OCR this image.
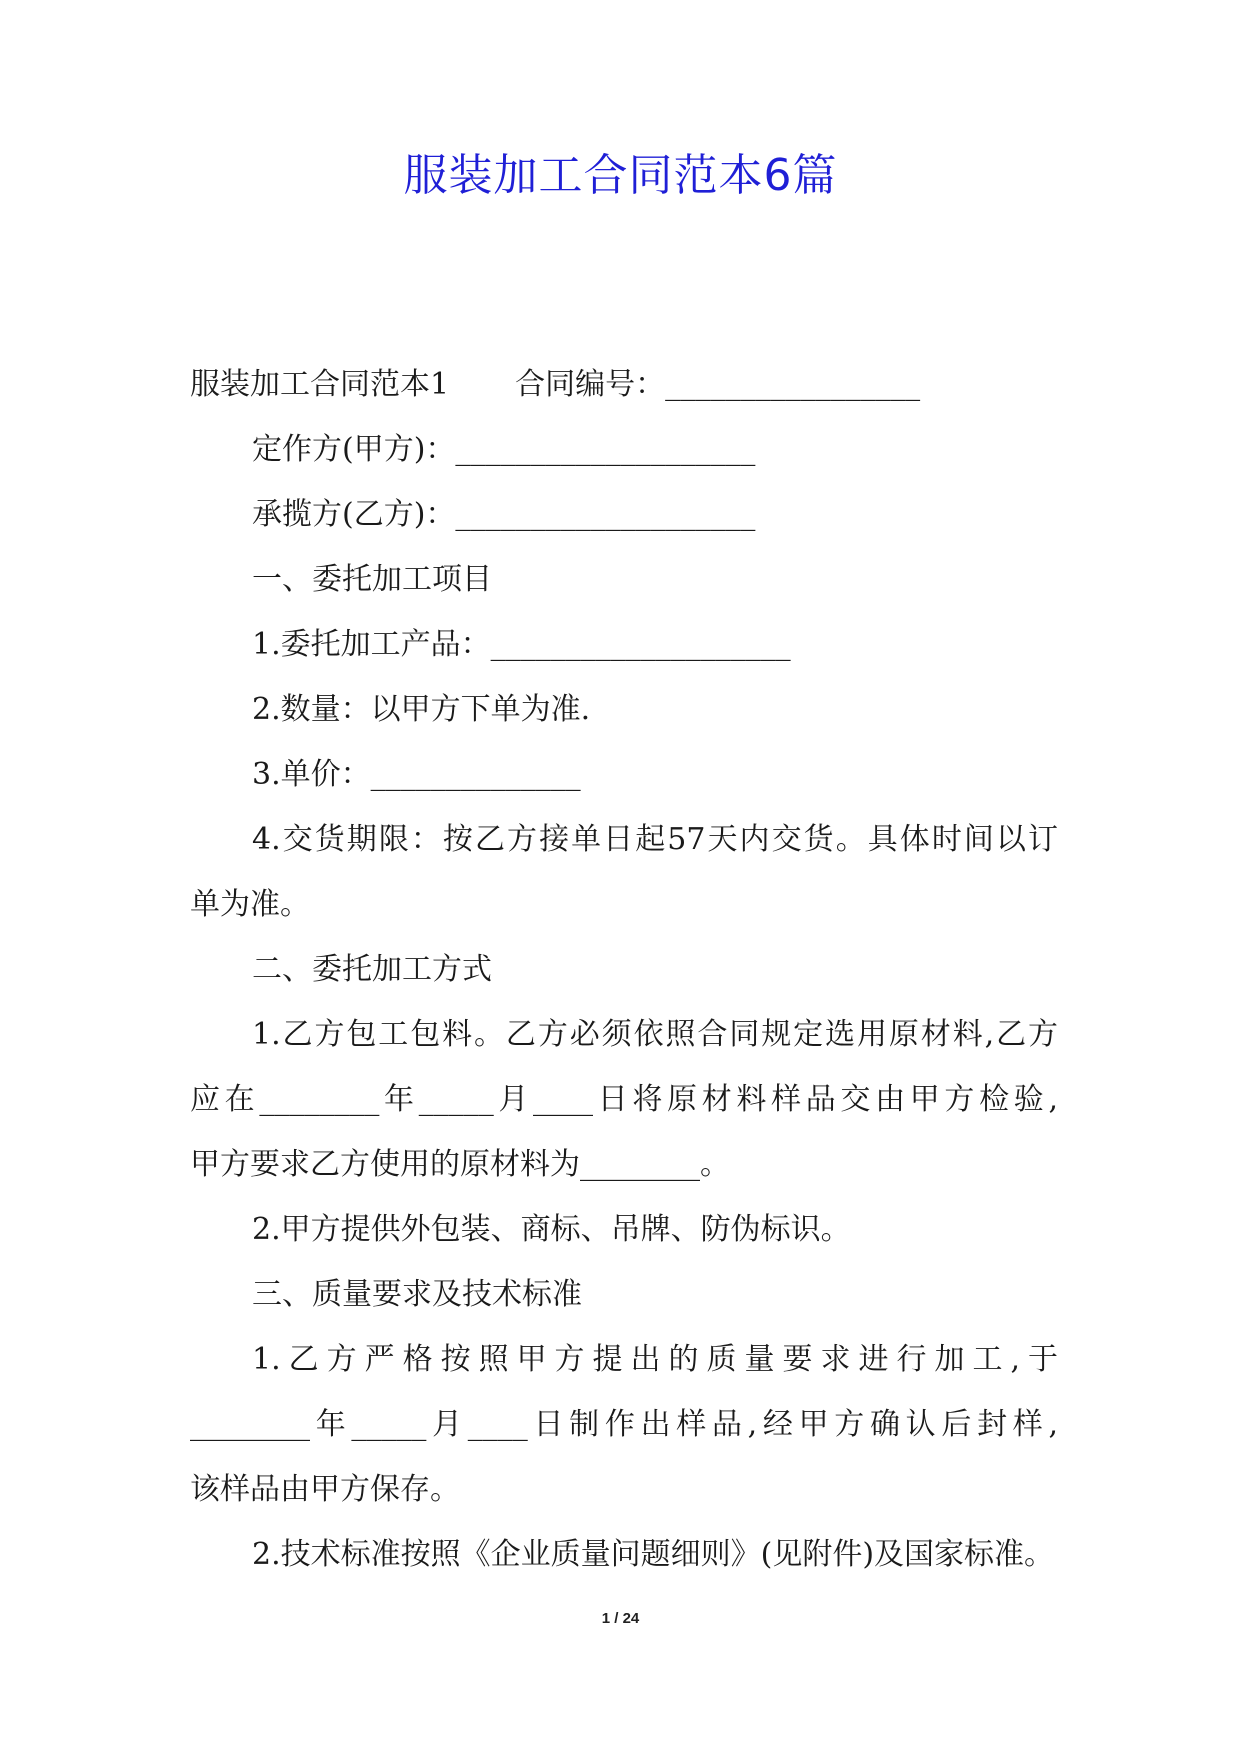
服装加工合同范本6篇

服装加工合同范本1 合同编号：_________________

定作方(甲方)：____________________

承揽方(乙方)：____________________

一、委托加工项目

1.委托加工产品：____________________

2.数量：以甲方下单为准.

3.单价：______________

4.交货期限：按乙方接单日起57天内交货。具体时间以订

单为准。

二、委托加工方式

1.乙方包工包料。乙方必须依照合同规定选用原材料,乙方

应在________年_____月____日将原材料样品交由甲方检验,

甲方要求乙方使用的原材料为________。

2.甲方提供外包装、商标、吊牌、防伪标识。

三、质量要求及技术标准

1.乙方严格按照甲方提出的质量要求进行加工,于

________年_____月____日制作出样品,经甲方确认后封样,

该样品由甲方保存。

2.技术标准按照《企业质量问题细则》(见附件)及国家标准。

1 / 24
